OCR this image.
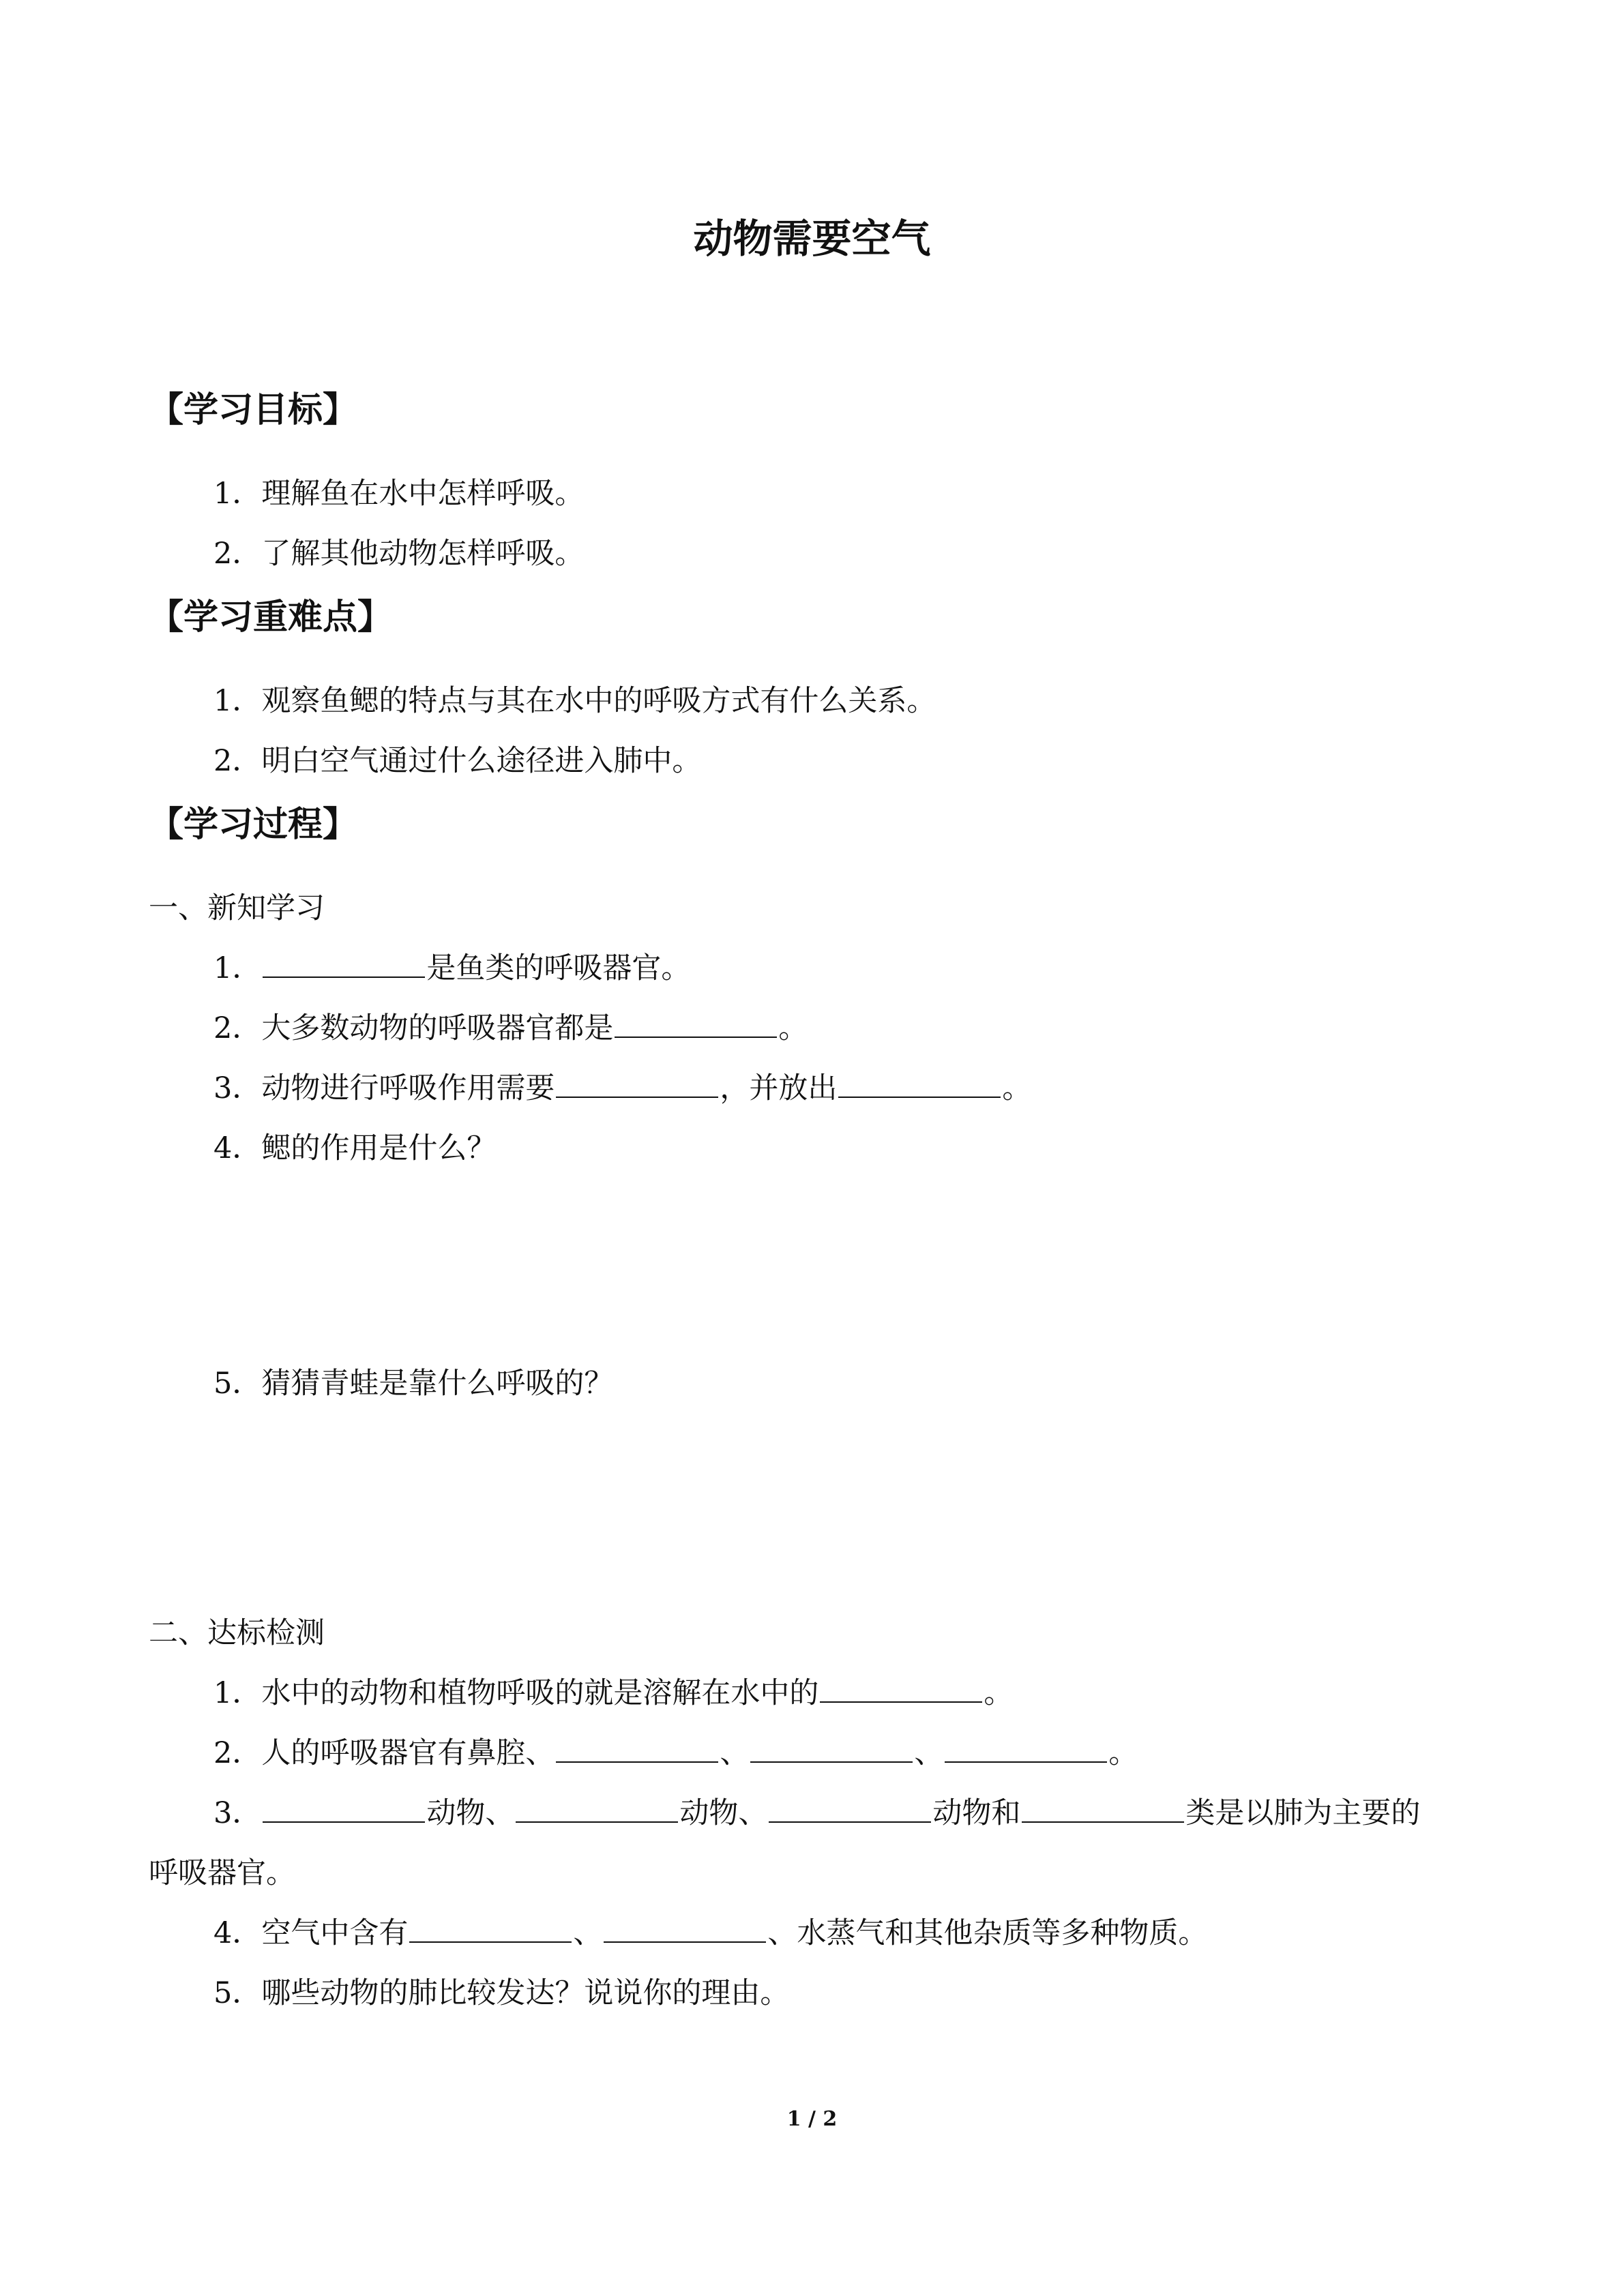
动物需要空气
【学习目标】
1．理解鱼在水中怎样呼吸。
2．了解其他动物怎样呼吸。
【学习重难点】
1．观察鱼鳃的特点与其在水中的呼吸方式有什么关系。
2．明白空气通过什么途径进入肺中。
【学习过程】
一、新知学习
1．	是鱼类的呼吸器官。
2．大多数动物的呼吸器官都是	。
3．动物进行呼吸作用需要	，并放出	。
4．鳃的作用是什么？
5．猜猜青蛙是靠什么呼吸的？
二、达标检测
1．水中的动物和植物呼吸的就是溶解在水中的	。
2．人的呼吸器官有鼻腔、	、	、	。
3．	动物、	动物、	动物和	类是以肺为主要的
呼吸器官。
4．空气中含有	、	、水蒸气和其他杂质等多种物质。
5．哪些动物的肺比较发达？说说你的理由。
1 / 2
